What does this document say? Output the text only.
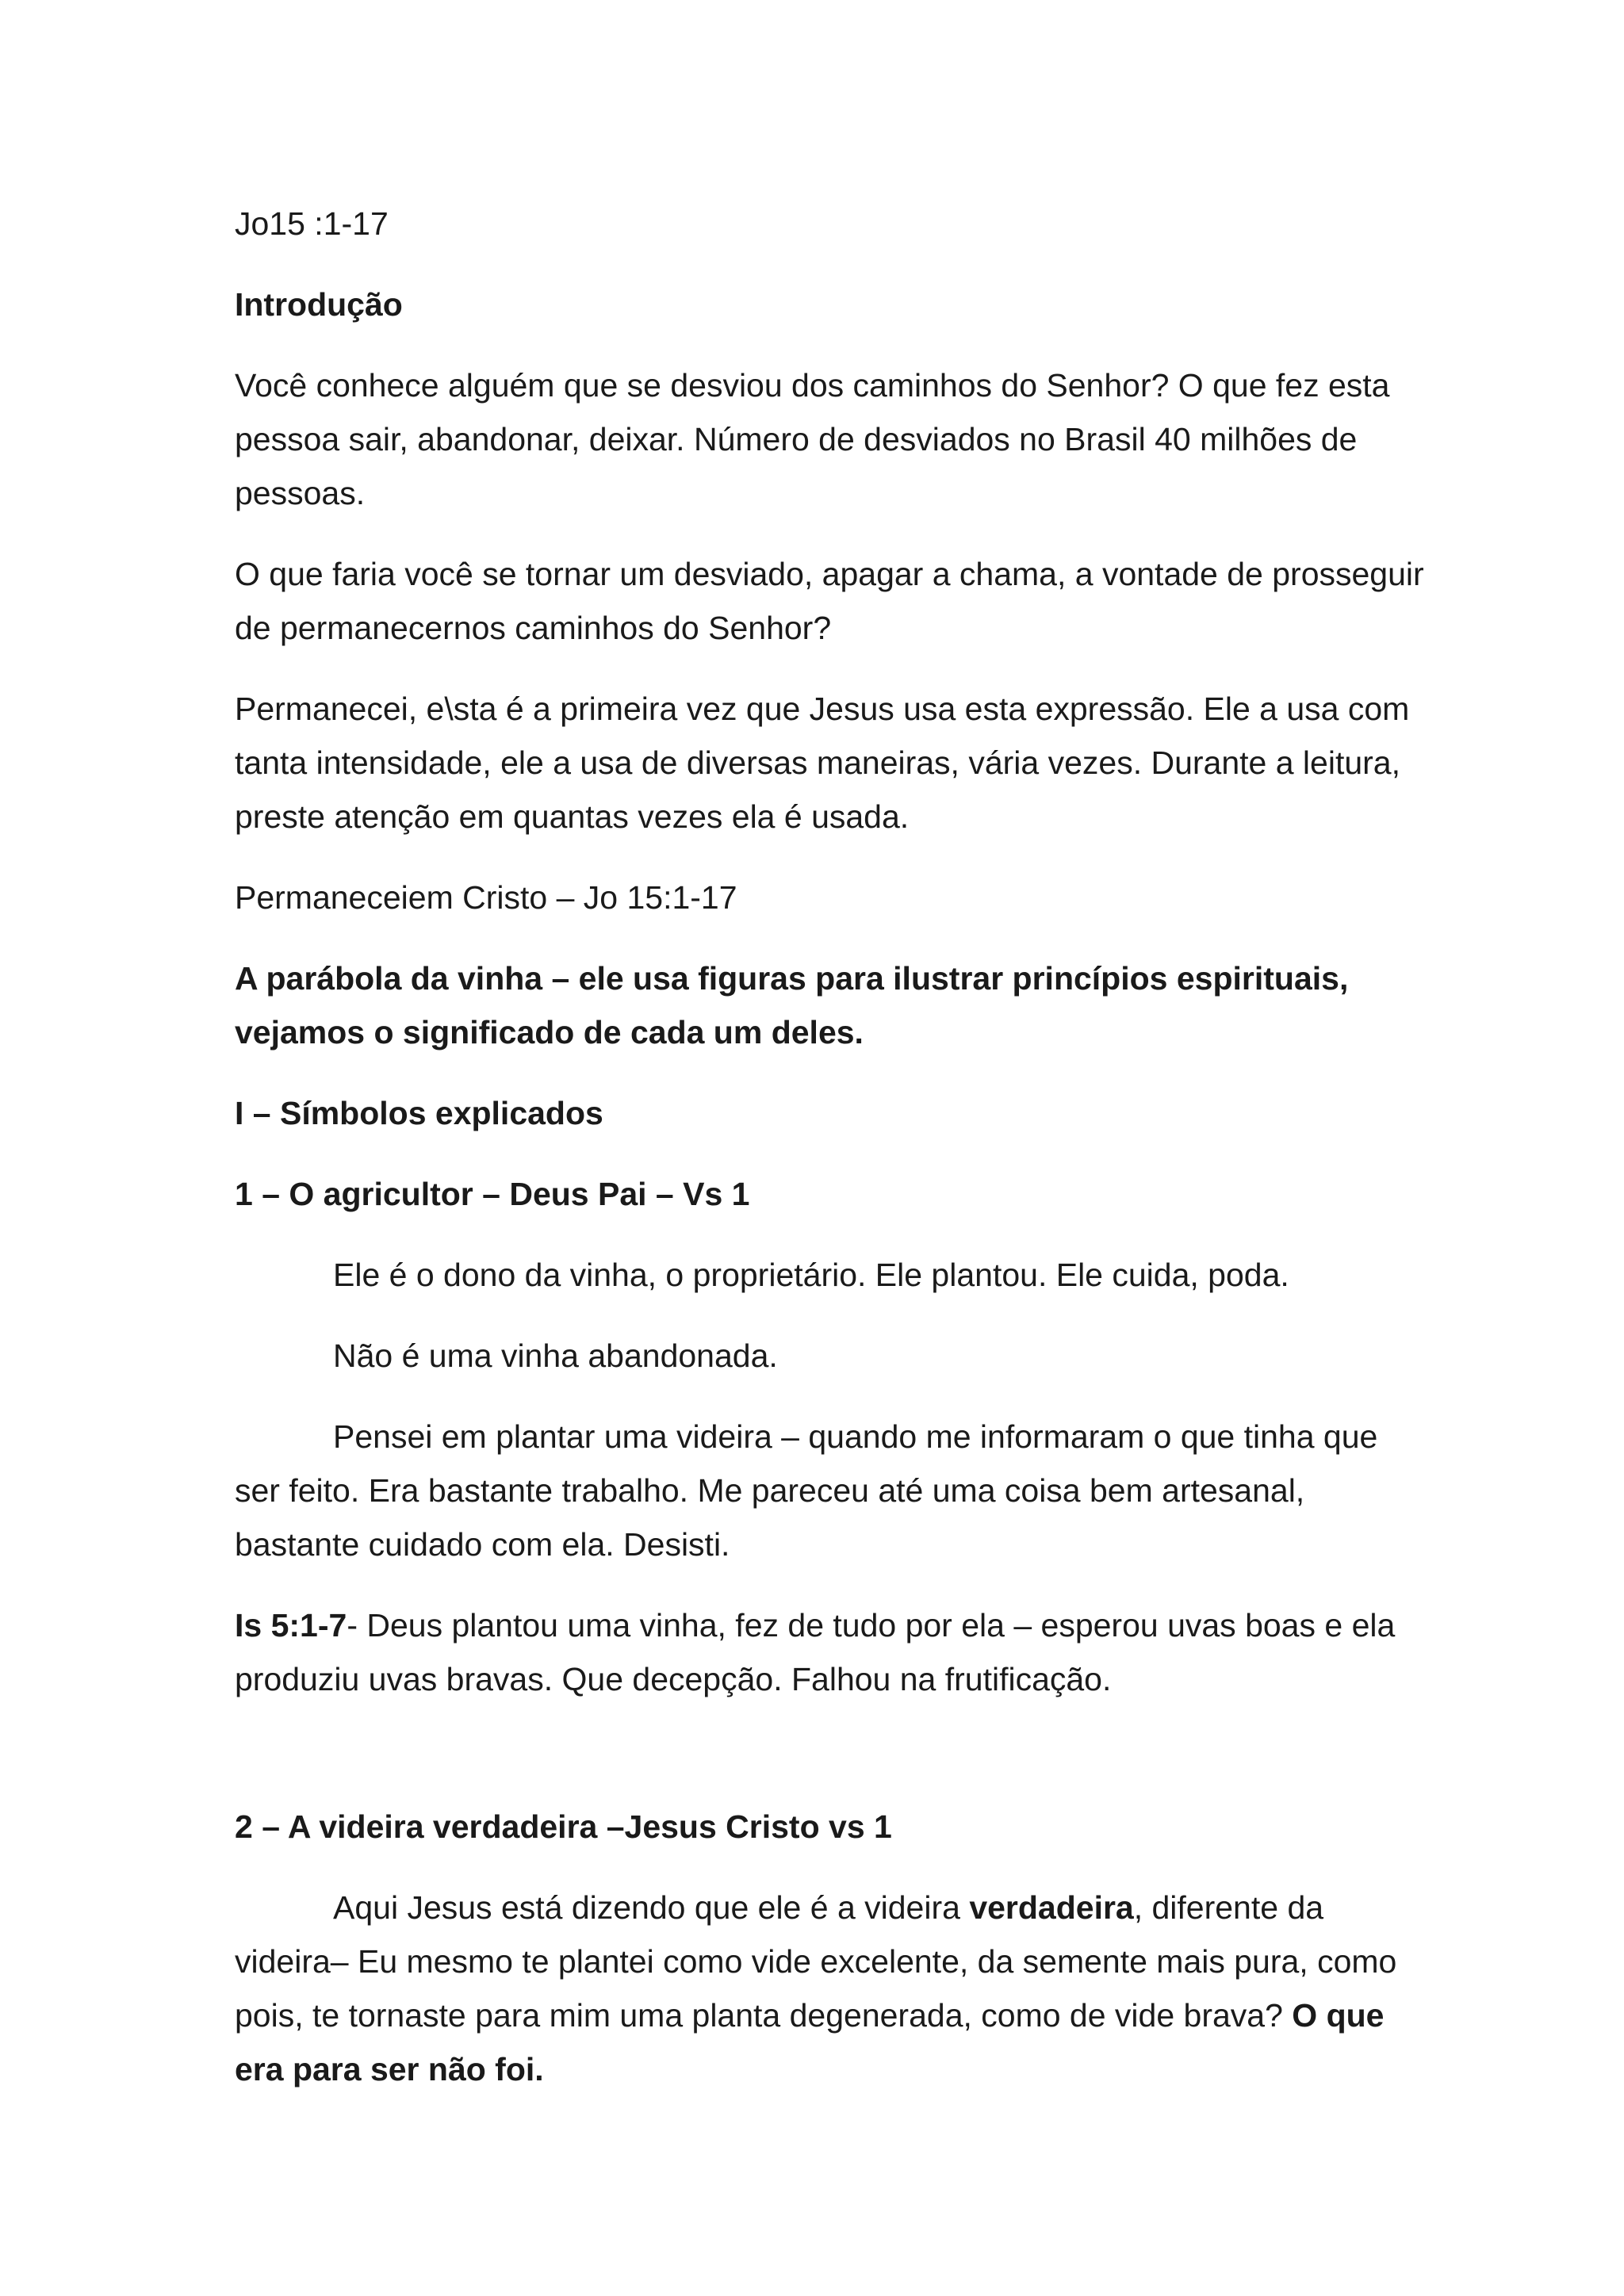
Jo15 :1-17

Introdução

Você conhece alguém que se desviou dos caminhos do Senhor? O que fez esta pessoa sair, abandonar, deixar. Número de desviados no Brasil 40 milhões de pessoas.

O que faria você se tornar um desviado, apagar a chama, a vontade de prosseguir de permanecernos caminhos do Senhor?

Permanecei, e\sta é a primeira vez que Jesus usa esta expressão. Ele a usa com tanta intensidade, ele a usa de diversas maneiras, vária vezes. Durante a leitura, preste atenção em quantas vezes ela é usada.

Permaneceiem Cristo – Jo 15:1-17

A parábola da vinha – ele usa figuras para ilustrar princípios espirituais, vejamos o significado de cada um deles.

I – Símbolos explicados

1 – O agricultor – Deus Pai – Vs 1

Ele é o dono da vinha, o proprietário. Ele plantou. Ele cuida, poda.

Não é uma vinha abandonada.

Pensei em plantar uma videira – quando me informaram o que tinha que ser feito. Era bastante trabalho. Me pareceu até uma coisa bem artesanal, bastante cuidado com ela. Desisti.

Is 5:1-7- Deus plantou uma vinha, fez de tudo por ela – esperou uvas boas e ela produziu uvas bravas. Que decepção. Falhou na frutificação.

2 – A videira verdadeira –Jesus Cristo vs 1

Aqui Jesus está dizendo que ele é a videira verdadeira, diferente da videira– Eu mesmo te plantei como vide excelente, da semente mais pura, como pois, te tornaste para mim uma planta degenerada, como de vide brava? O que era para ser não foi.
